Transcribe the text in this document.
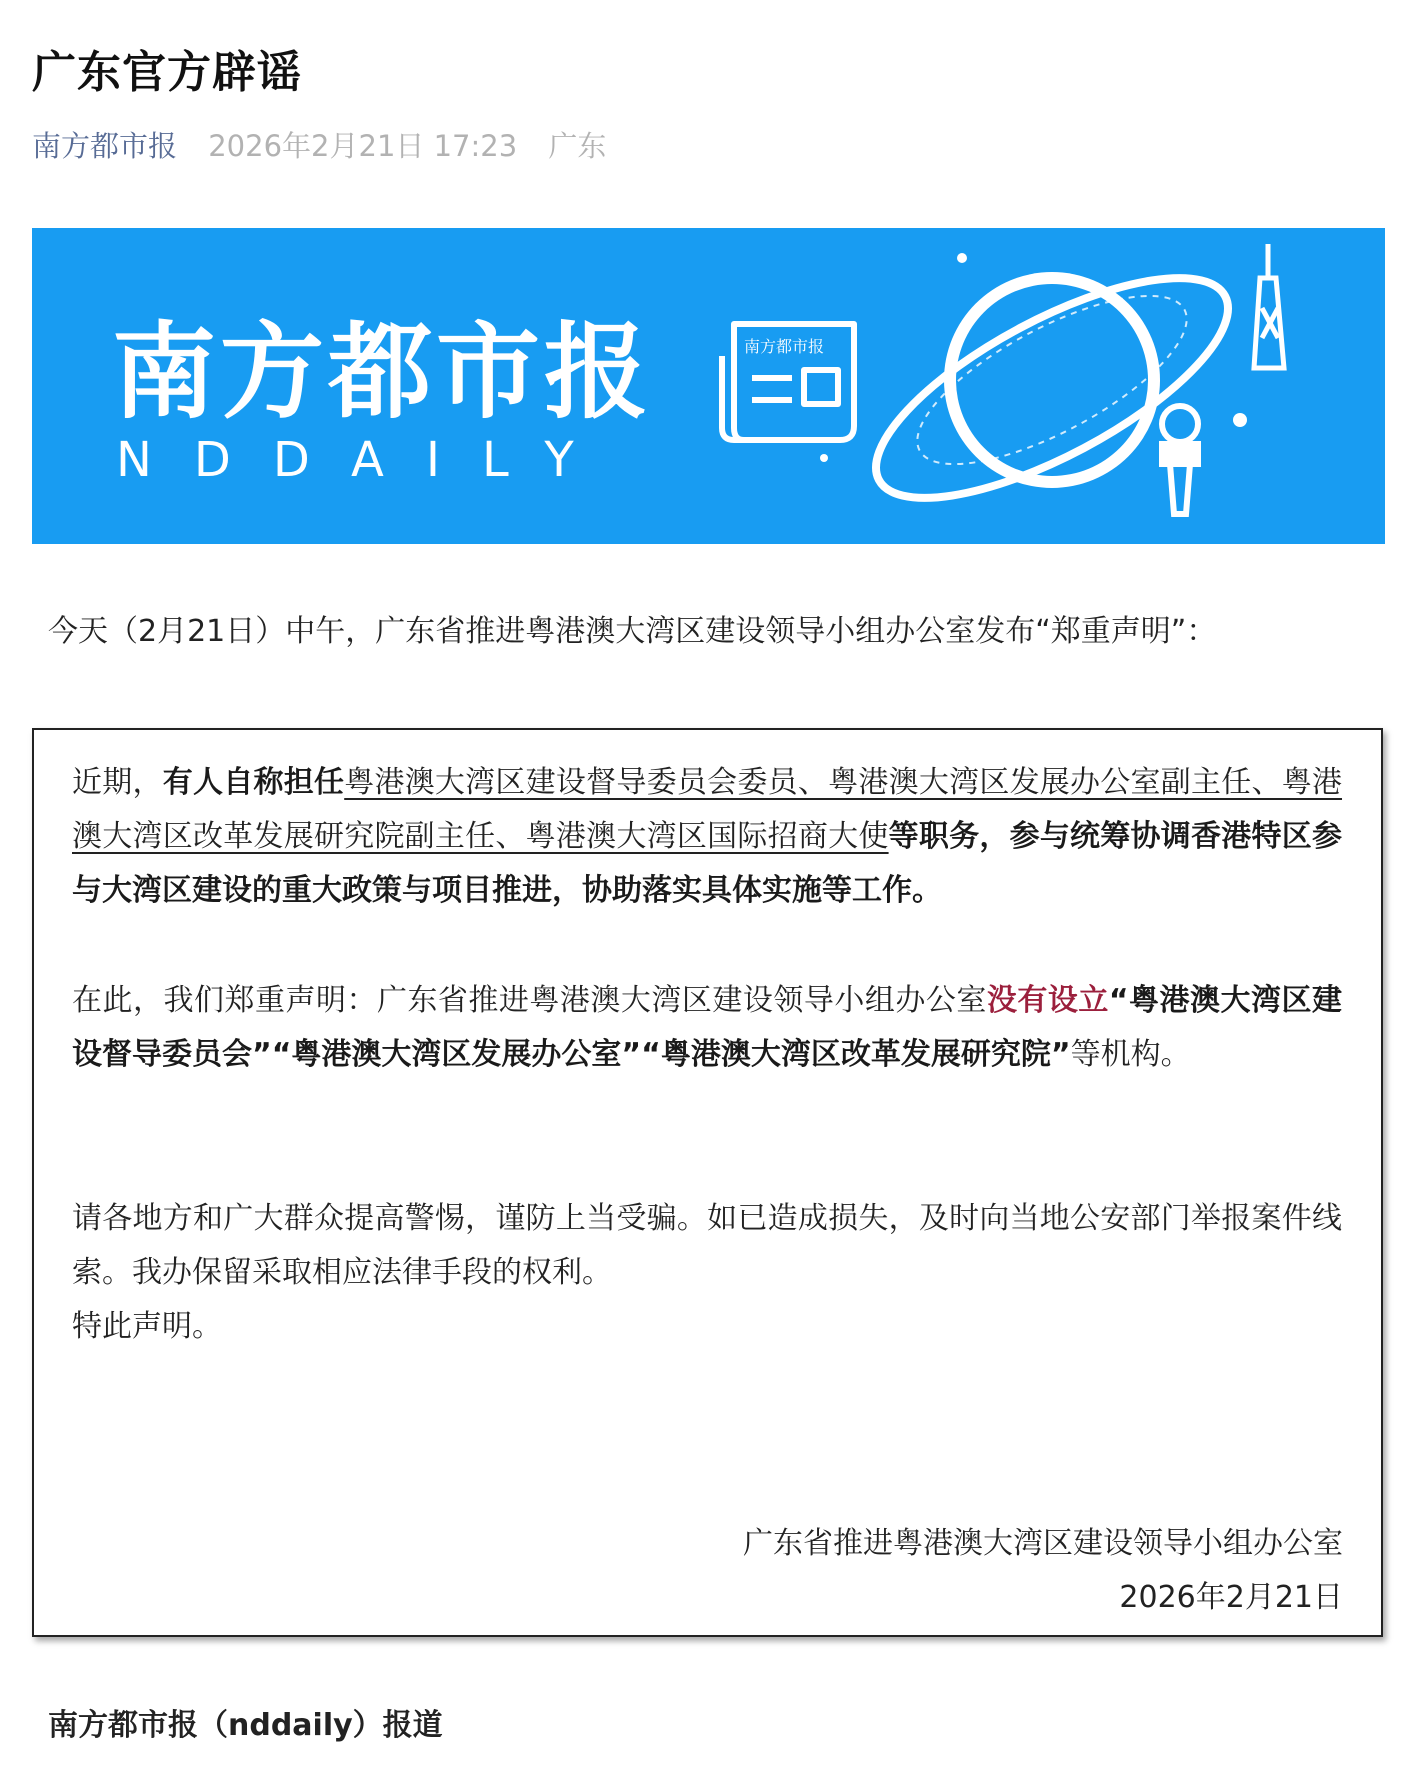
广东官方辟谣
南方都市报 2026年2月21日 17:23 广东
南方都市报
南方都市报
NDDAILY
今天（2月21日）中午，广东省推进粤港澳大湾区建设领导小组办公室发布“郑重声明”：
近期，有人自称担任粤港澳大湾区建设督导委员会委员、粤港澳大湾区发展办公室副主任、粤港澳大湾区改革发展研究院副主任、粤港澳大湾区国际招商大使等职务，参与统筹协调香港特区参与大湾区建设的重大政策与项目推进，协助落实具体实施等工作。
在此，我们郑重声明：广东省推进粤港澳大湾区建设领导小组办公室没有设立“粤港澳大湾区建设督导委员会”“粤港澳大湾区发展办公室”“粤港澳大湾区改革发展研究院”等机构。
请各地方和广大群众提高警惕，谨防上当受骗。如已造成损失，及时向当地公安部门举报案件线索。我办保留采取相应法律手段的权利。
特此声明。
广东省推进粤港澳大湾区建设领导小组办公室
2026年2月21日
南方都市报（nddaily）报道
